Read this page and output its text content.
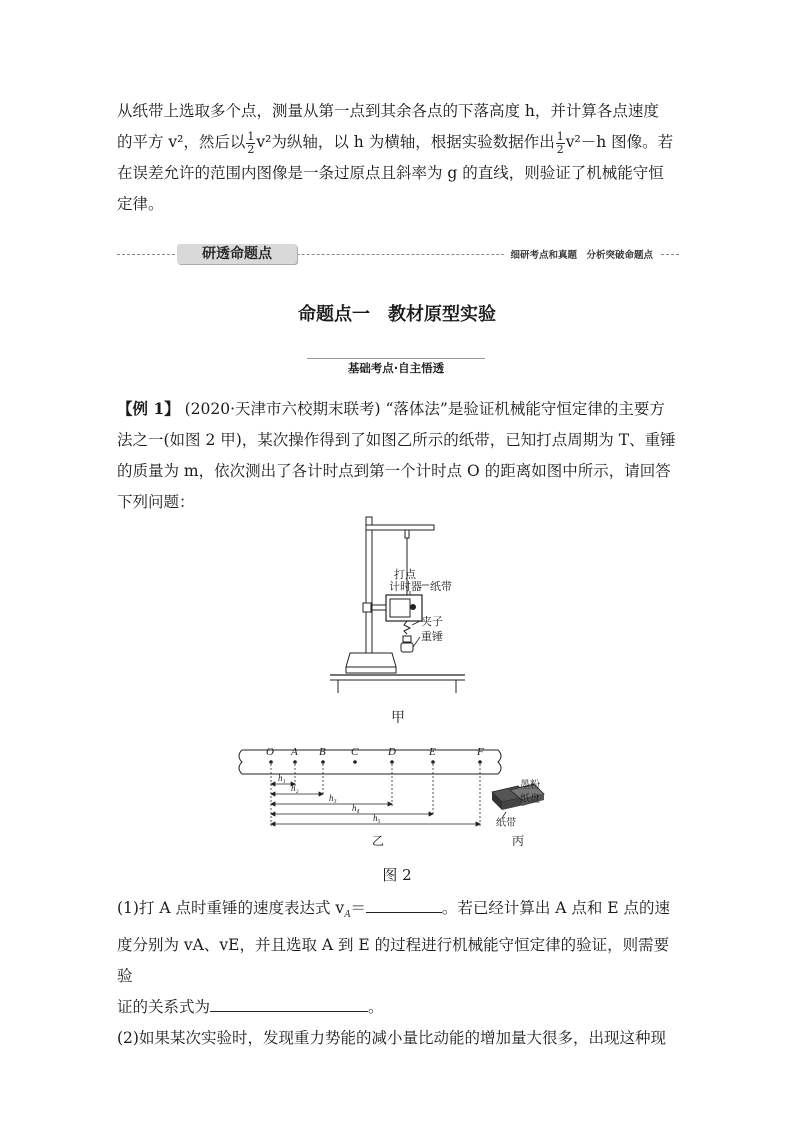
从纸带上选取多个点，测量从第一点到其余各点的下落高度 h，并计算各点速度
的平方 v²，然后以 $\frac{1}{2} v^2$为纵轴，以 h 为横轴，根据实验数据作出 $\frac{1}{2} v^2-h$ 图像。若
在误差允许的范围内图像是一条过原点且斜率为 g 的直线，则验证了机械能守恒
定律。
研透命题点	细研考点和真题　分析突破命题点
命题点一　教材原型实验
基础考点·自主悟透
【例 1】 (2020·天津市六校期末联考) “落体法”是验证机械能守恒定律的主要方
法之一(如图 2 甲)，某次操作得到了如图乙所示的纸带，已知打点周期为 T、重锤
的质量为 m，依次测出了各计时点到第一个计时点 O 的距离如图中所示，请回答
下列问题：
打点
计时器 纸带
夹子
重锤
甲
O A B C	D	E	F
h₁
h₂
h₃
h₄
h₅
乙
墨粉
纸盘
纸带
丙
图 2
(1)打 A 点时重锤的速度表达式 $v_A=$	。若已经计算出 A 点和 E 点的速
度分别为 vA、vE，并且选取 A 到 E 的过程进行机械能守恒定律的验证，则需要验
证的关系式为	。
(2)如果某次实验时，发现重力势能的减小量比动能的增加量大很多，出现这种现
